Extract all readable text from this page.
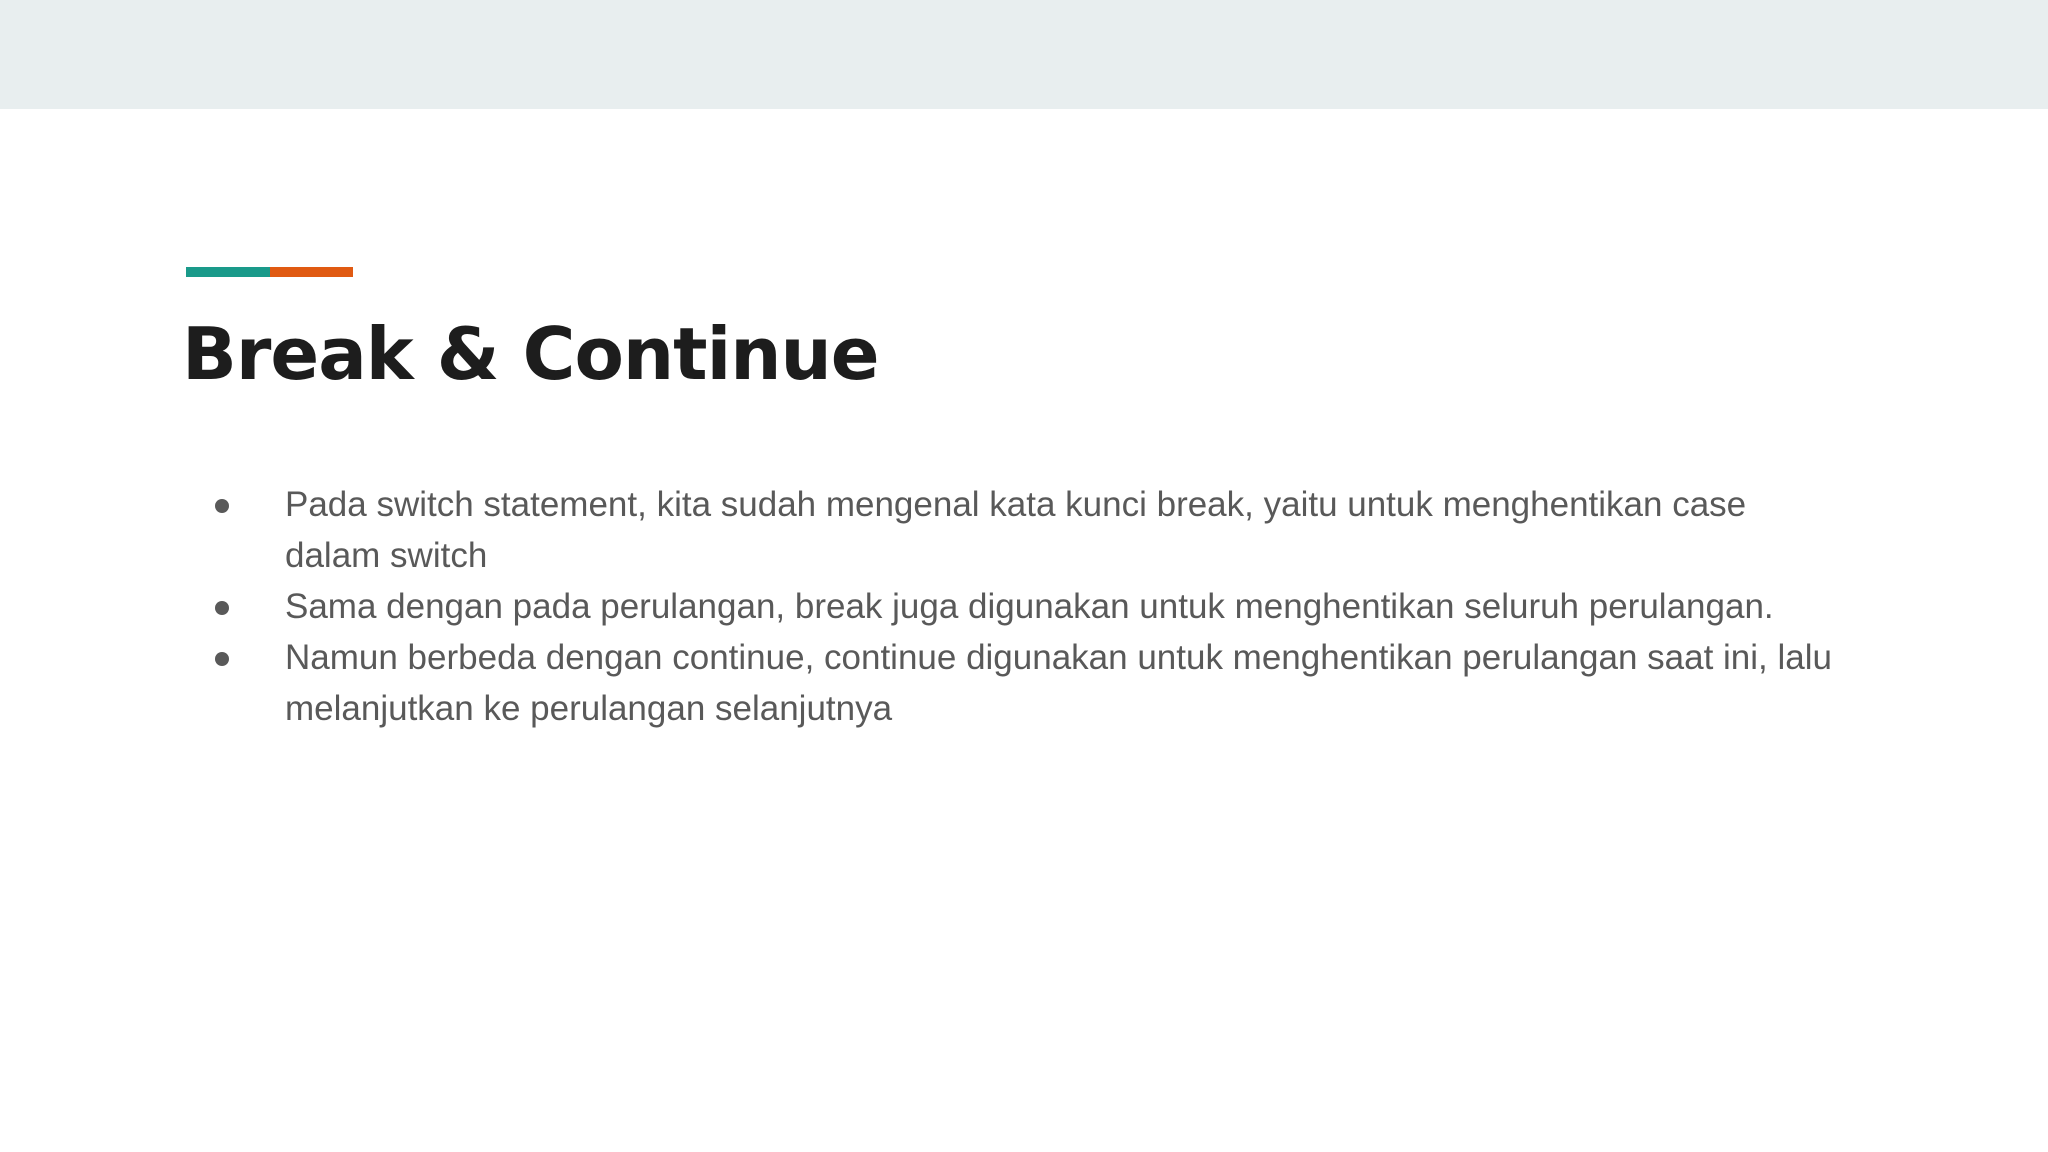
Break & Continue
Pada switch statement, kita sudah mengenal kata kunci break, yaitu untuk menghentikan case dalam switch
Sama dengan pada perulangan, break juga digunakan untuk menghentikan seluruh perulangan.
Namun berbeda dengan continue, continue digunakan untuk menghentikan perulangan saat ini, lalu melanjutkan ke perulangan selanjutnya
